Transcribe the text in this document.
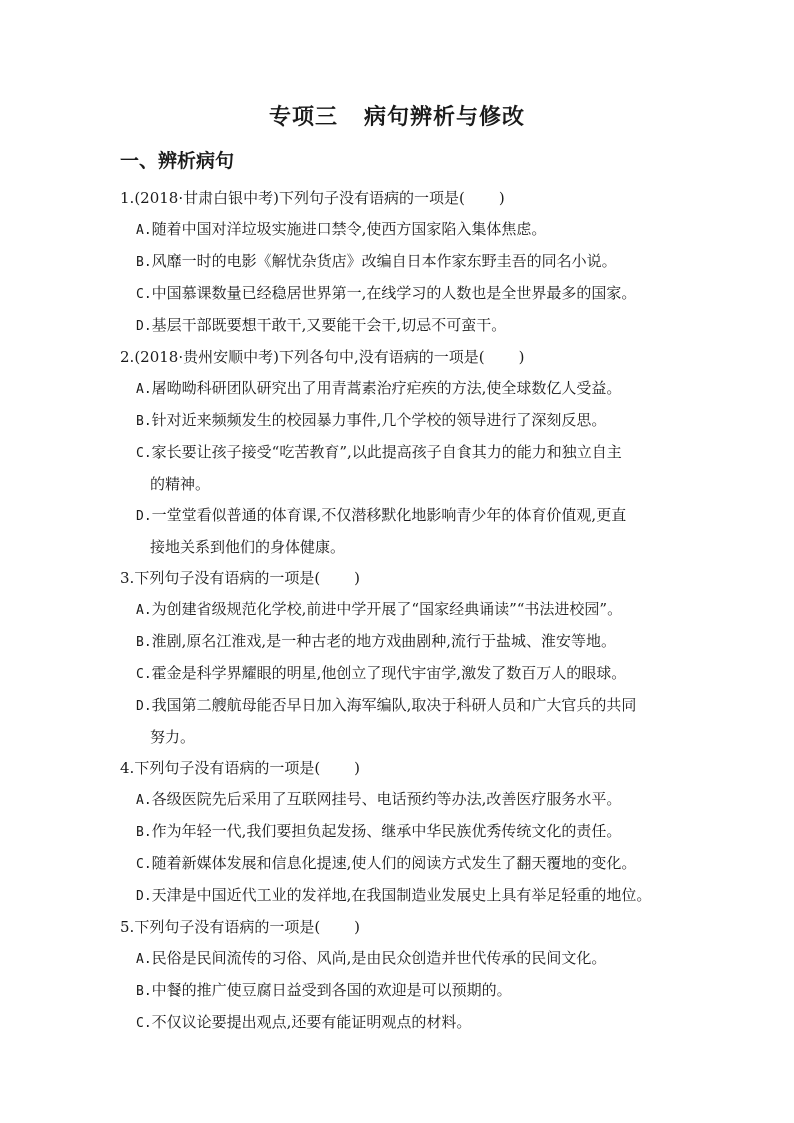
专项三 病句辨析与修改
一、辨析病句
1.(2018·甘肃白银中考)下列句子没有语病的一项是( )
A.随着中国对洋垃圾实施进口禁令,使西方国家陷入集体焦虑。
B.风靡一时的电影《解忧杂货店》改编自日本作家东野圭吾的同名小说。
C.中国慕课数量已经稳居世界第一,在线学习的人数也是全世界最多的国家。
D.基层干部既要想干敢干,又要能干会干,切忌不可蛮干。
2.(2018·贵州安顺中考)下列各句中,没有语病的一项是( )
A.屠呦呦科研团队研究出了用青蒿素治疗疟疾的方法,使全球数亿人受益。
B.针对近来频频发生的校园暴力事件,几个学校的领导进行了深刻反思。
C.家长要让孩子接受“吃苦教育”,以此提高孩子自食其力的能力和独立自主
的精神。
D.一堂堂看似普通的体育课,不仅潜移默化地影响青少年的体育价值观,更直
接地关系到他们的身体健康。
3.下列句子没有语病的一项是( )
A.为创建省级规范化学校,前进中学开展了“国家经典诵读”“书法进校园”。
B.淮剧,原名江淮戏,是一种古老的地方戏曲剧种,流行于盐城、淮安等地。
C.霍金是科学界耀眼的明星,他创立了现代宇宙学,激发了数百万人的眼球。
D.我国第二艘航母能否早日加入海军编队,取决于科研人员和广大官兵的共同
努力。
4.下列句子没有语病的一项是( )
A.各级医院先后采用了互联网挂号、电话预约等办法,改善医疗服务水平。
B.作为年轻一代,我们要担负起发扬、继承中华民族优秀传统文化的责任。
C.随着新媒体发展和信息化提速,使人们的阅读方式发生了翻天覆地的变化。
D.天津是中国近代工业的发祥地,在我国制造业发展史上具有举足轻重的地位。
5.下列句子没有语病的一项是( )
A.民俗是民间流传的习俗、风尚,是由民众创造并世代传承的民间文化。
B.中餐的推广使豆腐日益受到各国的欢迎是可以预期的。
C.不仅议论要提出观点,还要有能证明观点的材料。
